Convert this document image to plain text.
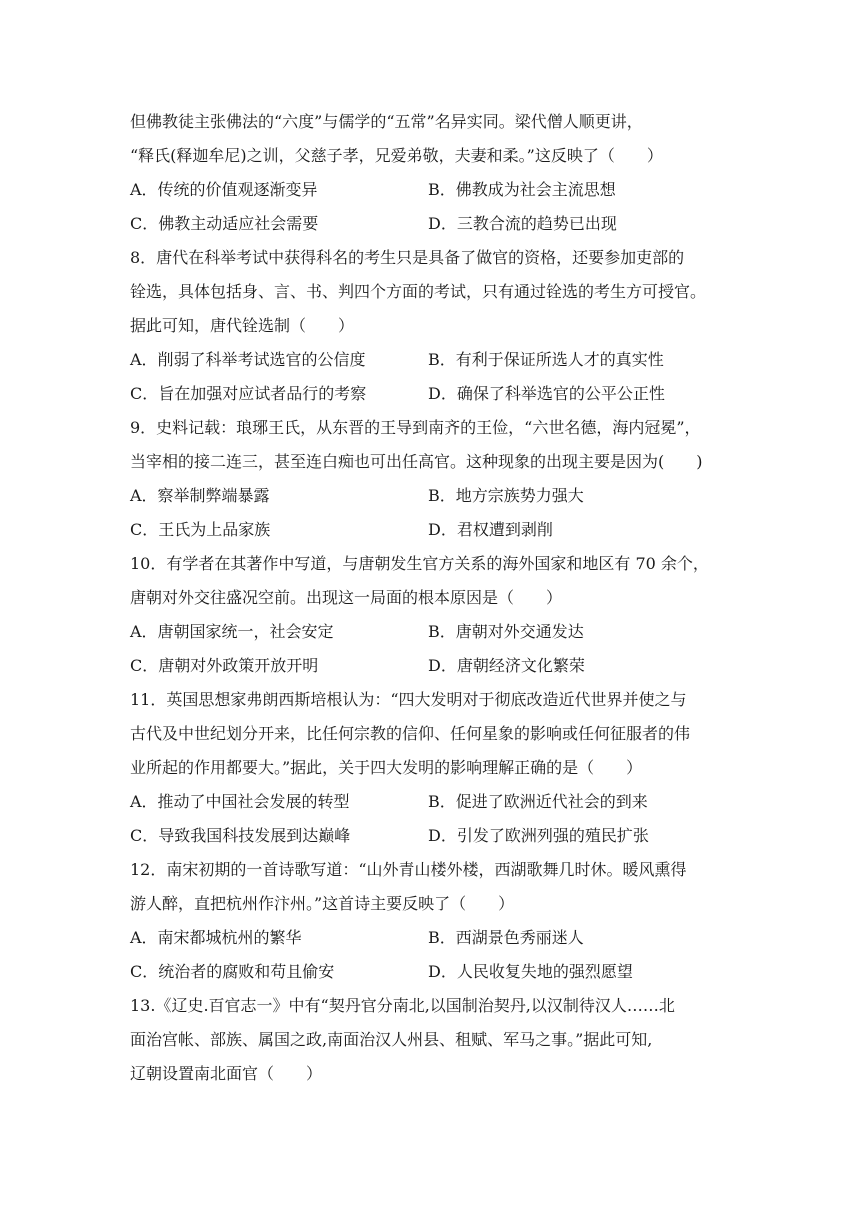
但佛教徒主张佛法的“六度”与儒学的“五常”名异实同。梁代僧人顺更讲，
“释氏(释迦牟尼)之训，父慈子孝，兄爱弟敬，夫妻和柔。”这反映了（　　）
A．传统的价值观逐渐变异	B．佛教成为社会主流思想
C．佛教主动适应社会需要	D．三教合流的趋势已出现
8．唐代在科举考试中获得科名的考生只是具备了做官的资格，还要参加吏部的
铨选，具体包括身、言、书、判四个方面的考试，只有通过铨选的考生方可授官。
据此可知，唐代铨选制（　　）
A．削弱了科举考试选官的公信度	B．有利于保证所选人才的真实性
C．旨在加强对应试者品行的考察	D．确保了科举选官的公平公正性
9．史料记载：琅琊王氏，从东晋的王导到南齐的王俭，“六世名德，海内冠冕”，
当宰相的接二连三，甚至连白痴也可出任高官。这种现象的出现主要是因为(　　)
A．察举制弊端暴露	B．地方宗族势力强大
C．王氏为上品家族	D．君权遭到剥削
10．有学者在其著作中写道，与唐朝发生官方关系的海外国家和地区有 70 余个，
唐朝对外交往盛况空前。出现这一局面的根本原因是（　　）
A．唐朝国家统一，社会安定	B．唐朝对外交通发达
C．唐朝对外政策开放开明	D．唐朝经济文化繁荣
11．英国思想家弗朗西斯培根认为：“四大发明对于彻底改造近代世界并使之与
古代及中世纪划分开来，比任何宗教的信仰、任何星象的影响或任何征服者的伟
业所起的作用都要大。”据此，关于四大发明的影响理解正确的是（　　）
A．推动了中国社会发展的转型	B．促进了欧洲近代社会的到来
C．导致我国科技发展到达巅峰	D．引发了欧洲列强的殖民扩张
12．南宋初期的一首诗歌写道：“山外青山楼外楼，西湖歌舞几时休。暖风熏得
游人醉，直把杭州作汴州。”这首诗主要反映了（　　）
A．南宋都城杭州的繁华	B．西湖景色秀丽迷人
C．统治者的腐败和苟且偷安	D．人民收复失地的强烈愿望
13.《辽史.百官志一》中有“契丹官分南北,以国制治契丹,以汉制待汉人……北
面治宫帐、部族、属国之政,南面治汉人州县、租赋、军马之事。”据此可知,
辽朝设置南北面官（　　）
